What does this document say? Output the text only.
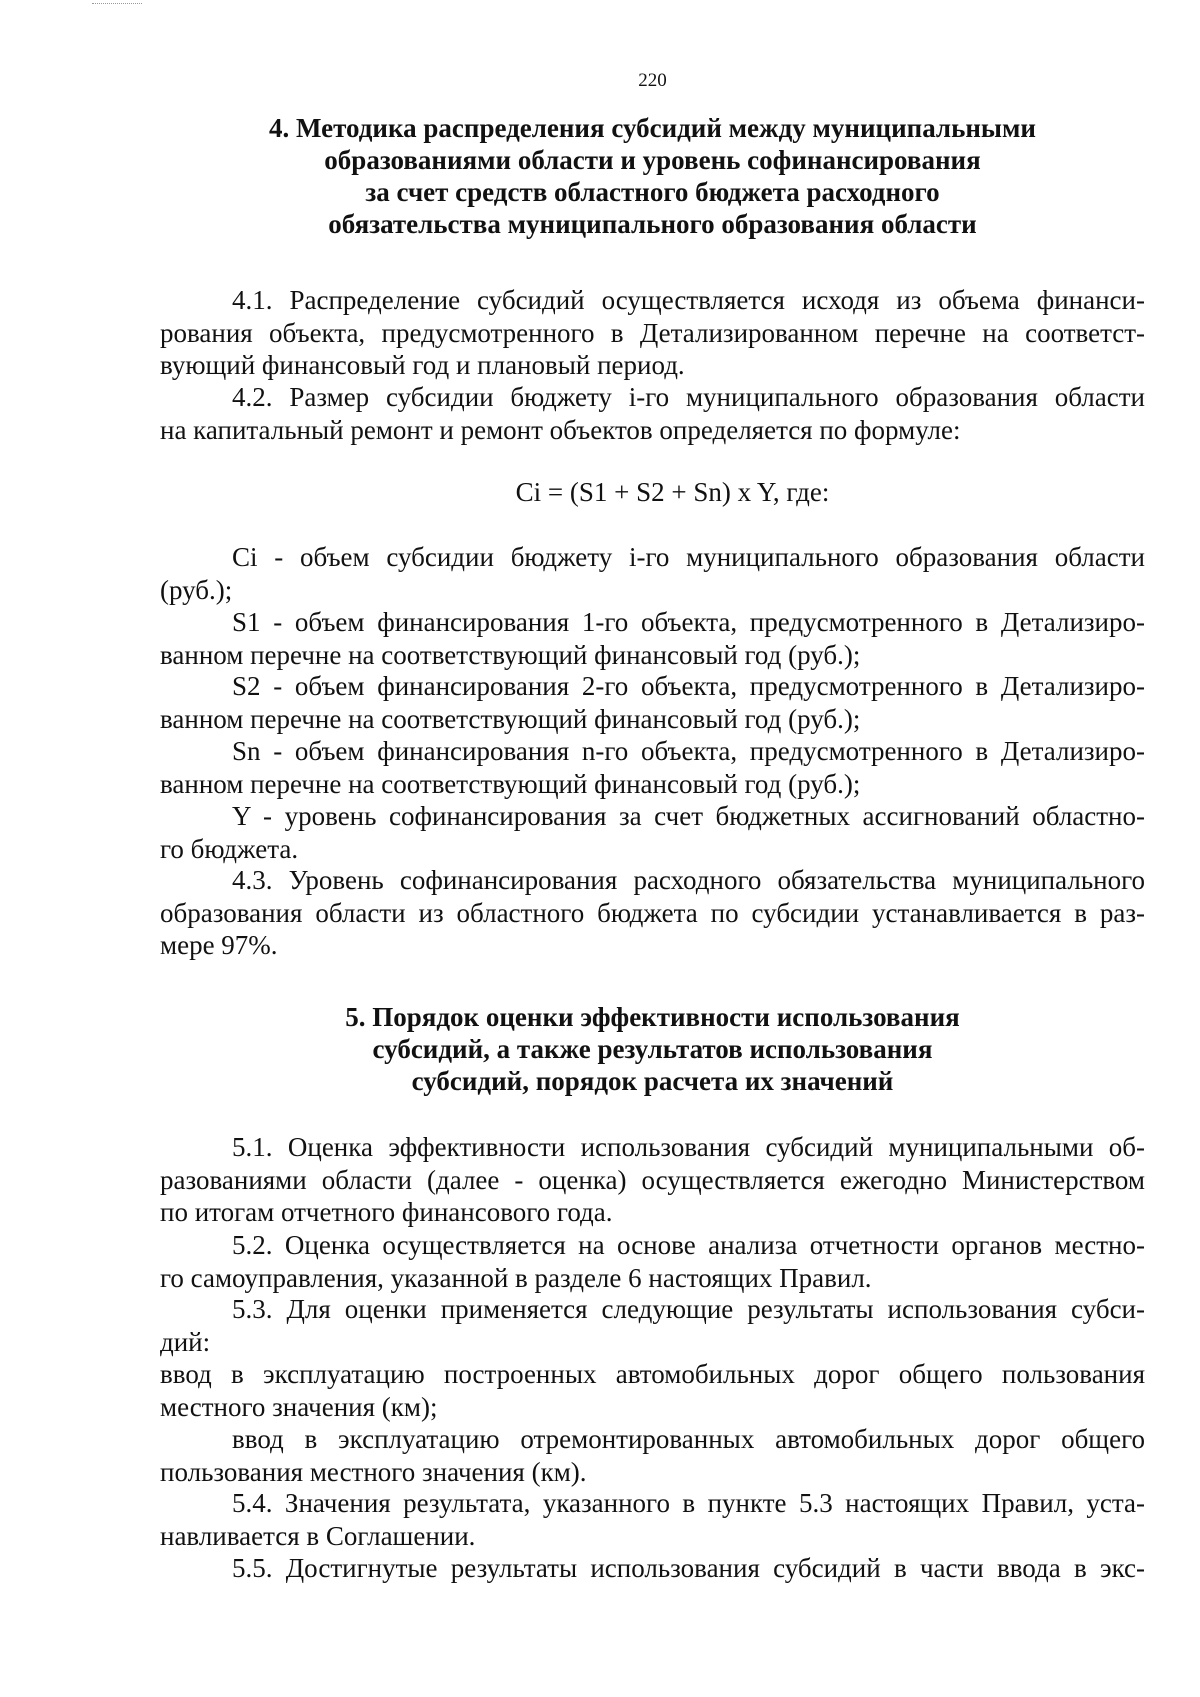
220
4. Методика распределения субсидий между муниципальными
образованиями области и уровень софинансирования
за счет средств областного бюджета расходного
обязательства муниципального образования области
4.1. Распределение субсидий осуществляется исходя из объема финанси-
рования объекта, предусмотренного в Детализированном перечне на соответст-
вующий финансовый год и плановый период.
4.2. Размер субсидии бюджету i-го муниципального образования области
на капитальный ремонт и ремонт объектов определяется по формуле:
Ci = (S1 + S2 + Sn) x Y, где:
Ci - объем субсидии бюджету i-го муниципального образования области
(руб.);
S1 - объем финансирования 1-го объекта, предусмотренного в Детализиро-
ванном перечне на соответствующий финансовый год (руб.);
S2 - объем финансирования 2-го объекта, предусмотренного в Детализиро-
ванном перечне на соответствующий финансовый год (руб.);
Sn - объем финансирования n-го объекта, предусмотренного в Детализиро-
ванном перечне на соответствующий финансовый год (руб.);
Y - уровень софинансирования за счет бюджетных ассигнований областно-
го бюджета.
4.3. Уровень софинансирования расходного обязательства муниципального
образования области из областного бюджета по субсидии устанавливается в раз-
мере 97%.
5. Порядок оценки эффективности использования
субсидий, а также результатов использования
субсидий, порядок расчета их значений
5.1. Оценка эффективности использования субсидий муниципальными об-
разованиями области (далее - оценка) осуществляется ежегодно Министерством
по итогам отчетного финансового года.
5.2. Оценка осуществляется на основе анализа отчетности органов местно-
го самоуправления, указанной в разделе 6 настоящих Правил.
5.3. Для оценки применяется следующие результаты использования субси-
дий:
ввод в эксплуатацию построенных автомобильных дорог общего пользования
местного значения (км);
ввод в эксплуатацию отремонтированных автомобильных дорог общего
пользования местного значения (км).
5.4. Значения результата, указанного в пункте 5.3 настоящих Правил, уста-
навливается в Соглашении.
5.5. Достигнутые результаты использования субсидий в части ввода в экс-
